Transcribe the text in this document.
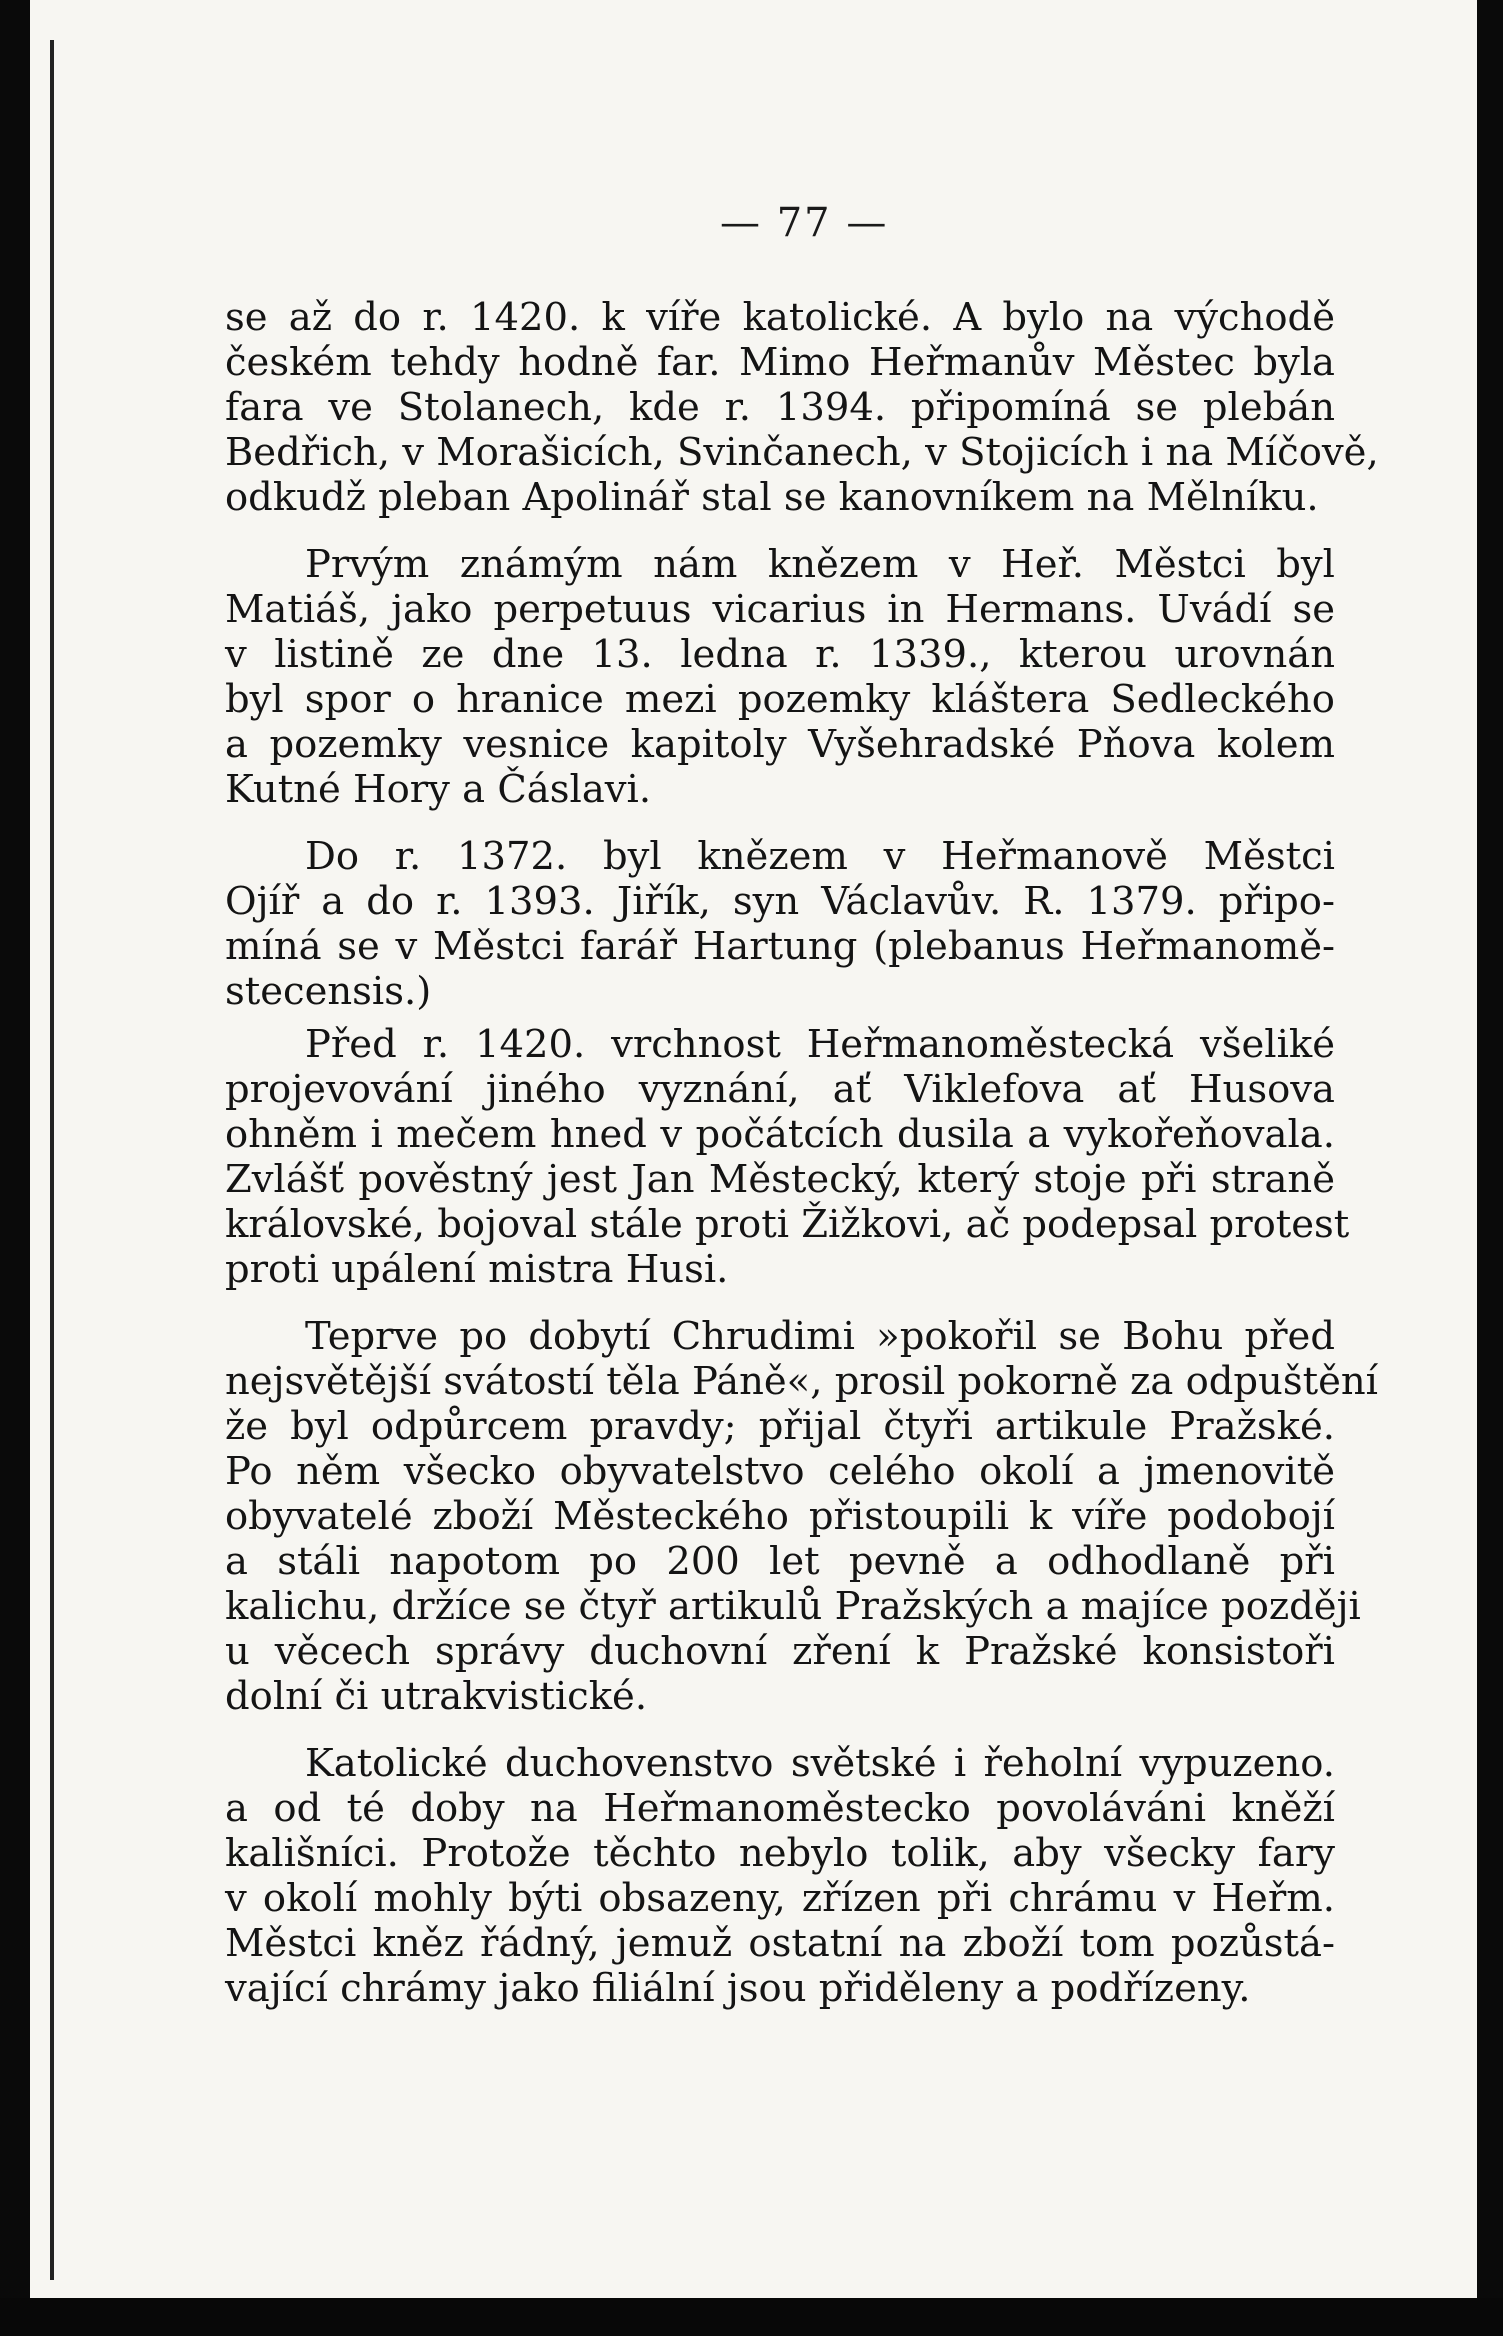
— 77 —
se až do r. 1420. k víře katolické. A bylo na východě
českém tehdy hodně far. Mimo Heřmanův Městec byla
fara ve Stolanech, kde r. 1394. připomíná se plebán
Bedřich, v Morašicích, Svinčanech, v Stojicích i na Míčově,
odkudž pleban Apolinář stal se kanovníkem na Mělníku.
Prvým známým nám knězem v Heř. Městci byl
Matiáš, jako perpetuus vicarius in Hermans. Uvádí se
v listině ze dne 13. ledna r. 1339., kterou urovnán
byl spor o hranice mezi pozemky kláštera Sedleckého
a pozemky vesnice kapitoly Vyšehradské Pňova kolem
Kutné Hory a Čáslavi.
Do r. 1372. byl knězem v Heřmanově Městci
Ojíř a do r. 1393. Jiřík, syn Václavův. R. 1379. připo-
míná se v Městci farář Hartung (plebanus Heřmanomě-
stecensis.)
Před r. 1420. vrchnost Heřmanoměstecká všeliké
projevování jiného vyznání, ať Viklefova ať Husova
ohněm i mečem hned v počátcích dusila a vykořeňovala.
Zvlášť pověstný jest Jan Městecký, který stoje při straně
královské, bojoval stále proti Žižkovi, ač podepsal protest
proti upálení mistra Husi.
Teprve po dobytí Chrudimi »pokořil se Bohu před
nejsvětější svátostí těla Páně«, prosil pokorně za odpuštění
že byl odpůrcem pravdy; přijal čtyři artikule Pražské.
Po něm všecko obyvatelstvo celého okolí a jmenovitě
obyvatelé zboží Městeckého přistoupili k víře podobojí
a stáli napotom po 200 let pevně a odhodlaně při
kalichu, držíce se čtyř artikulů Pražských a majíce později
u věcech správy duchovní zření k Pražské konsistoři
dolní či utrakvistické.
Katolické duchovenstvo světské i řeholní vypuzeno.
a od té doby na Heřmanoměstecko povoláváni kněží
kališníci. Protože těchto nebylo tolik, aby všecky fary
v okolí mohly býti obsazeny, zřízen při chrámu v Heřm.
Městci kněz řádný, jemuž ostatní na zboží tom pozůstá-
vající chrámy jako filiální jsou přiděleny a podřízeny.
